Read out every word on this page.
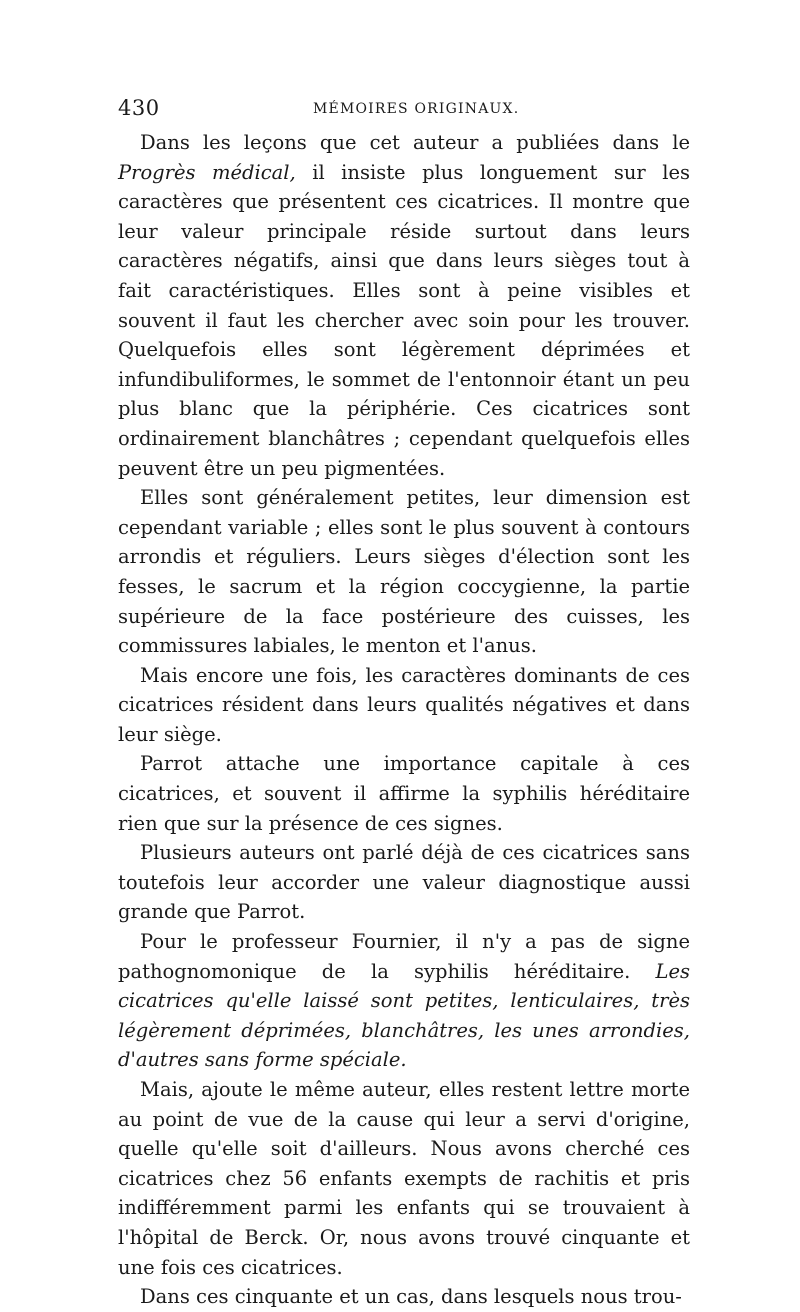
430	MÉMOIRES ORIGINAUX.

Dans les leçons que cet auteur a publiées dans le Progrès médical, il insiste plus longuement sur les caractères que présentent ces cicatrices. Il montre que leur valeur principale réside surtout dans leurs caractères négatifs, ainsi que dans leurs sièges tout à fait caractéristiques. Elles sont à peine visibles et souvent il faut les chercher avec soin pour les trouver. Quelquefois elles sont légèrement déprimées et infundibuliformes, le sommet de l'entonnoir étant un peu plus blanc que la périphérie. Ces cicatrices sont ordinairement blanchâtres ; cependant quelquefois elles peuvent être un peu pigmentées.

Elles sont généralement petites, leur dimension est cependant variable ; elles sont le plus souvent à contours arrondis et réguliers. Leurs sièges d'élection sont les fesses, le sacrum et la région coccygienne, la partie supérieure de la face postérieure des cuisses, les commissures labiales, le menton et l'anus.

Mais encore une fois, les caractères dominants de ces cicatrices résident dans leurs qualités négatives et dans leur siège.

Parrot attache une importance capitale à ces cicatrices, et souvent il affirme la syphilis héréditaire rien que sur la présence de ces signes.

Plusieurs auteurs ont parlé déjà de ces cicatrices sans toutefois leur accorder une valeur diagnostique aussi grande que Parrot.

Pour le professeur Fournier, il n'y a pas de signe pathognomonique de la syphilis héréditaire. Les cicatrices qu'elle laissé sont petites, lenticulaires, très légèrement déprimées, blanchâtres, les unes arrondies, d'autres sans forme spéciale.

Mais, ajoute le même auteur, elles restent lettre morte au point de vue de la cause qui leur a servi d'origine, quelle qu'elle soit d'ailleurs. Nous avons cherché ces cicatrices chez 56 enfants exempts de rachitis et pris indifféremment parmi les enfants qui se trouvaient à l'hôpital de Berck. Or, nous avons trouvé cinquante et une fois ces cicatrices.

Dans ces cinquante et un cas, dans lesquels nous trou-
